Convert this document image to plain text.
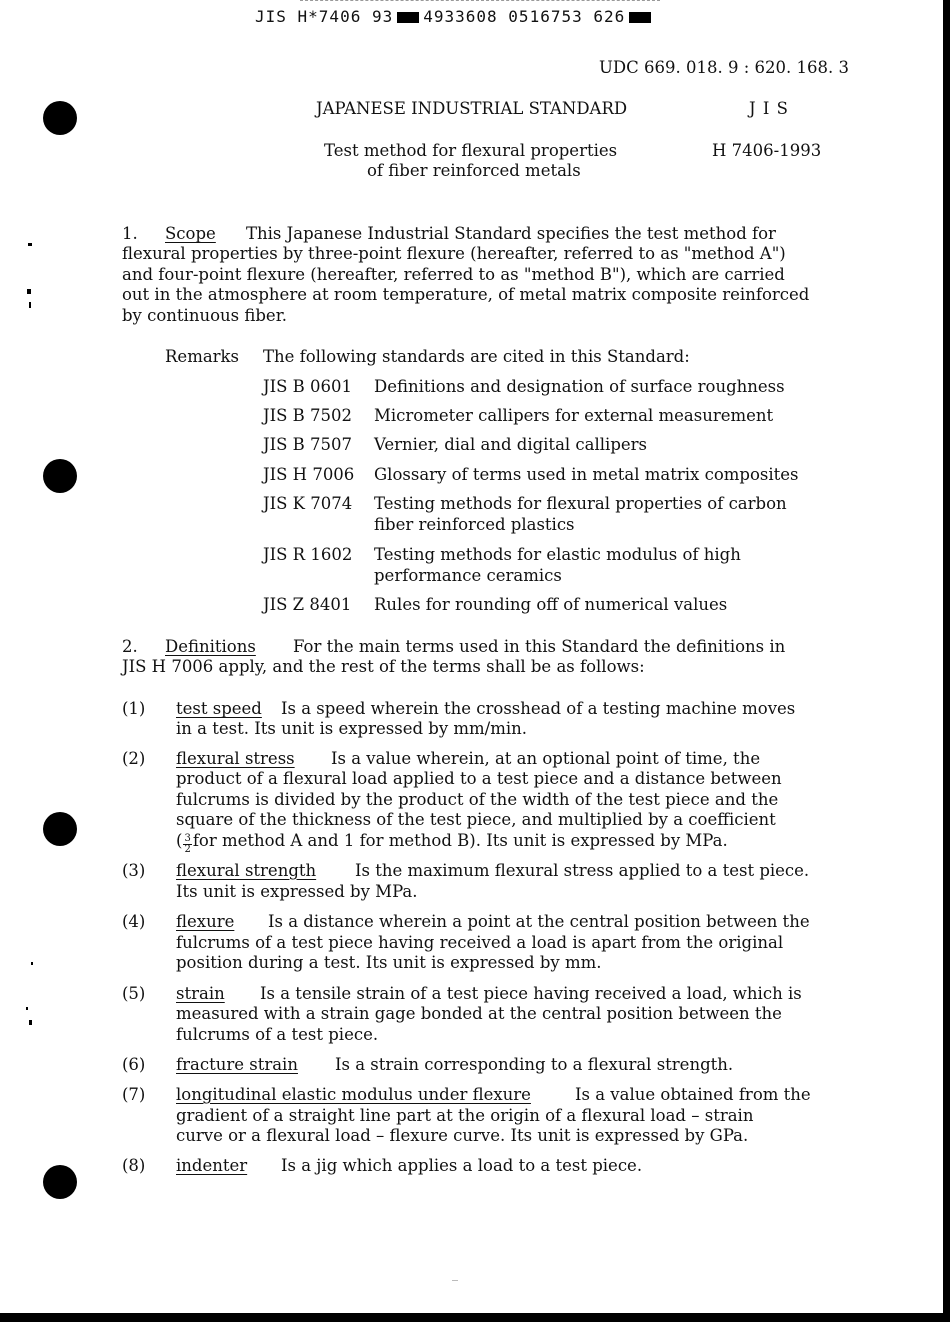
JIS H*7406 93 4933608 0516753 626
UDC 669. 018. 9 : 620. 168. 3
JAPANESE INDUSTRIAL STANDARD	J I S
Test method for flexural properties
of fiber reinforced metals
H 7406-1993
1. Scope This Japanese Industrial Standard specifies the test method for
flexural properties by three-point flexure (hereafter, referred to as "method A")
and four-point flexure (hereafter, referred to as "method B"), which are carried
out in the atmosphere at room temperature, of metal matrix composite reinforced
by continuous fiber.
Remarks The following standards are cited in this Standard:
JIS B 0601 Definitions and designation of surface roughness
JIS B 7502 Micrometer callipers for external measurement
JIS B 7507 Vernier, dial and digital callipers
JIS H 7006 Glossary of terms used in metal matrix composites
JIS K 7074 Testing methods for flexural properties of carbon
fiber reinforced plastics
JIS R 1602 Testing methods for elastic modulus of high
performance ceramics
JIS Z 8401 Rules for rounding off of numerical values
2. Definitions For the main terms used in this Standard the definitions in
JIS H 7006 apply, and the rest of the terms shall be as follows:
(1) test speed Is a speed wherein the crosshead of a testing machine moves
in a test. Its unit is expressed by mm/min.
(2) flexural stress Is a value wherein, at an optional point of time, the
product of a flexural load applied to a test piece and a distance between
fulcrums is divided by the product of the width of the test piece and the
square of the thickness of the test piece, and multiplied by a coefficient
( $\frac{3}{2}$ for method A and 1 for method B). Its unit is expressed by MPa.
(3) flexural strength Is the maximum flexural stress applied to a test piece.
Its unit is expressed by MPa.
(4) flexure Is a distance wherein a point at the central position between the
fulcrums of a test piece having received a load is apart from the original
position during a test. Its unit is expressed by mm.
(5) strain Is a tensile strain of a test piece having received a load, which is
measured with a strain gage bonded at the central position between the
fulcrums of a test piece.
(6) fracture strain Is a strain corresponding to a flexural strength.
(7) longitudinal elastic modulus under flexure	Is a value obtained from the
gradient of a straight line part at the origin of a flexural load – strain
curve or a flexural load – flexure curve. Its unit is expressed by GPa.
(8) indenter Is a jig which applies a load to a test piece.
